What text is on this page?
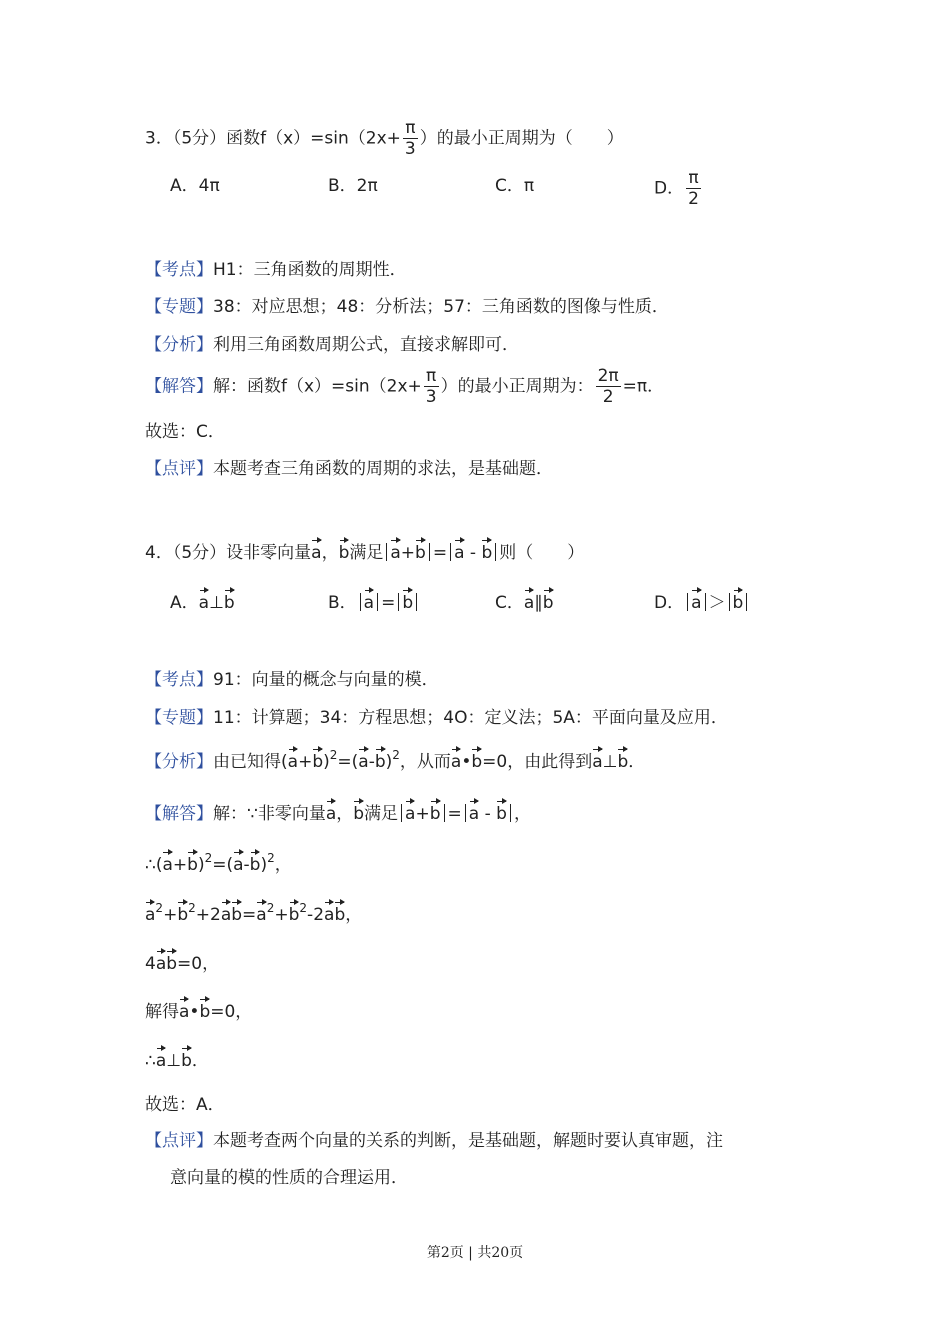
3．（5分）函数$f(x)=\sin(2x+ \frac{\pi}{3}$ ）的最小正周期为（　　）
A．4π	B．2π	C．π	D． $\frac{\pi}{2}$
【考点】H1：三角函数的周期性．
【专题】38：对应思想；48：分析法；57：三角函数的图像与性质．
【分析】利用三角函数周期公式，直接求解即可．
【解答】解：函数$f(x)=\sin(2x+ \frac{\pi}{3}$ ）的最小正周期为： $\frac{2\pi}{2} =\pi$．
故选：C．
【点评】本题考查三角函数的周期的求法，是基础题．
4．（5分）设非零向量a，b满足 a+b = a - b 则（　　）
A．a⊥b	B． a = b	C．a∥b	D． a ＞ b
【考点】91：向量的概念与向量的模．
【专题】11：计算题；34：方程思想；4O：定义法；5A：平面向量及应用．
【分析】由已知得$(a+b)^2=(a-b)^2$，从而a•b=0，由此得到a⊥b．
【解答】解：∵非零向量a，b满足 a+b = a - b ，
$\therefore(a+b)^2=(a-b)^2$，
$a^2+b^2+2ab=a^2+b^2-2ab$，
4ab=0，
解得a•b=0，
∴a⊥b．
故选：A．
【点评】本题考查两个向量的关系的判断，是基础题，解题时要认真审题，注
意向量的模的性质的合理运用．
第2页 | 共20页
